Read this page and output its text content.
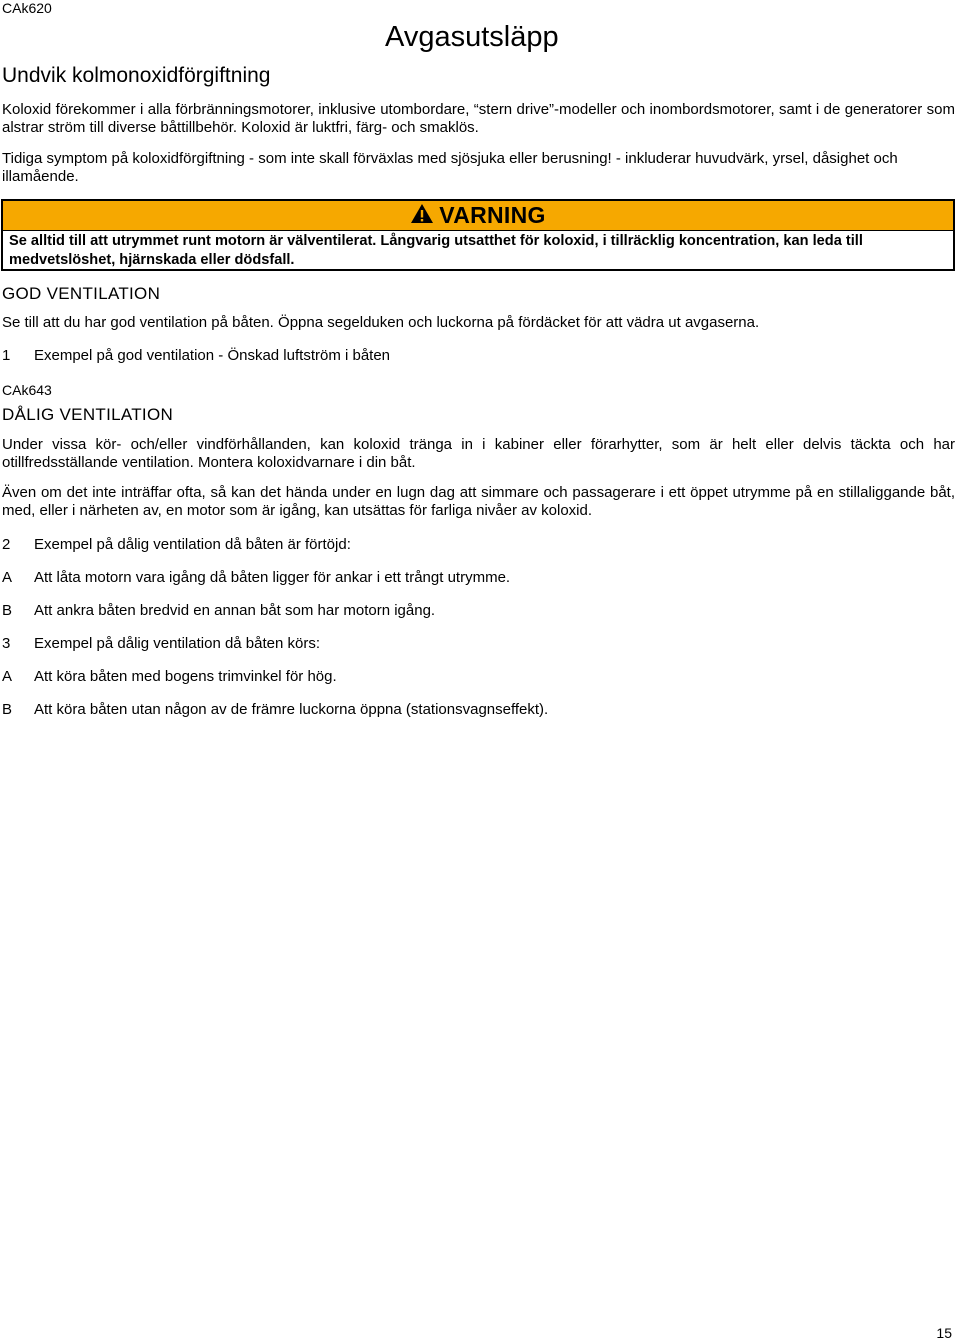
CAk620
Avgasutsläpp
Undvik kolmonoxidförgiftning
Koloxid förekommer i alla förbränningsmotorer, inklusive utombordare, “stern drive”-modeller och inombordsmotorer, samt i de generatorer som alstrar ström till diverse båttillbehör. Koloxid är luktfri, färg- och smaklös.
Tidiga symptom på koloxidförgiftning - som inte skall förväxlas med sjösjuka eller berusning! - inkluderar huvudvärk, yrsel, dåsighet och illamående.
VARNING
Se alltid till att utrymmet runt motorn är välventilerat. Långvarig utsatthet för koloxid, i tillräcklig koncentration, kan leda till medvetslöshet, hjärnskada eller dödsfall.
GOD VENTILATION
Se till att du har god ventilation på båten. Öppna segelduken och luckorna på fördäcket för att vädra ut avgaserna.
1 Exempel på god ventilation - Önskad luftström i båten
CAk643
DÅLIG VENTILATION
Under vissa kör- och/eller vindförhållanden, kan koloxid tränga in i kabiner eller förarhytter, som är helt eller delvis täckta och har otillfredsställande ventilation. Montera koloxidvarnare i din båt.
Även om det inte inträffar ofta, så kan det hända under en lugn dag att simmare och passagerare i ett öppet utrymme på en stillaliggande båt, med, eller i närheten av, en motor som är igång, kan utsättas för farliga nivåer av koloxid.
2 Exempel på dålig ventilation då båten är förtöjd:
A Att låta motorn vara igång då båten ligger för ankar i ett trångt utrymme.
B Att ankra båten bredvid en annan båt som har motorn igång.
3 Exempel på dålig ventilation då båten körs:
A Att köra båten med bogens trimvinkel för hög.
B Att köra båten utan någon av de främre luckorna öppna (stationsvagnseffekt).
15
